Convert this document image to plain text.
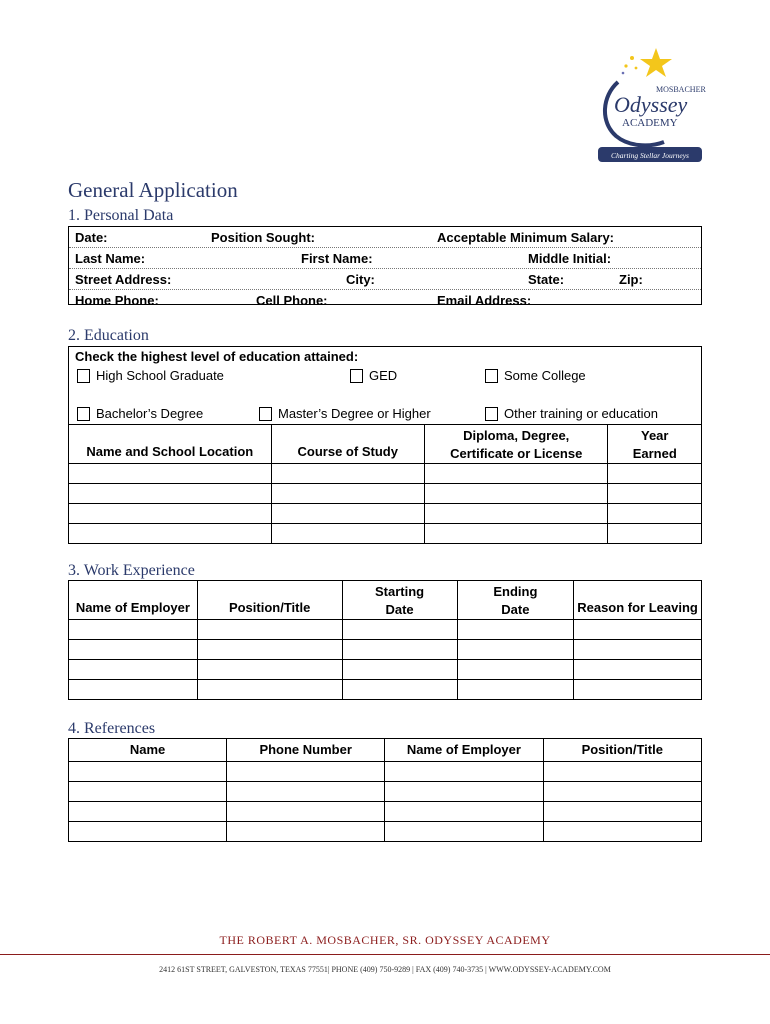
MOSBACHER
Odyssey
ACADEMY
Charting Stellar Journeys
General Application
1. Personal Data
Date:	Position Sought:	Acceptable Minimum Salary:
Last Name:	First Name:	Middle Initial:
Street Address:	City:	State:	Zip:
Home Phone:	Cell Phone:	Email Address:
2. Education
Check the highest level of education attained:
High School Graduate	GED	Some College
Bachelor’s Degree	Master’s Degree or Higher	Other training or education
Name and School Location	Course of Study	Diploma, Degree, Certificate or License	Year Earned

3. Work Experience
Name of Employer	Position/Title	Starting Date	Ending Date	Reason for Leaving

4. References
Name	Phone Number	Name of Employer	Position/Title

THE ROBERT A. MOSBACHER, SR. ODYSSEY ACADEMY
2412 61ST STREET, GALVESTON, TEXAS 77551| PHONE (409) 750-9289 | FAX (409) 740-3735 | WWW.ODYSSEY-ACADEMY.COM
